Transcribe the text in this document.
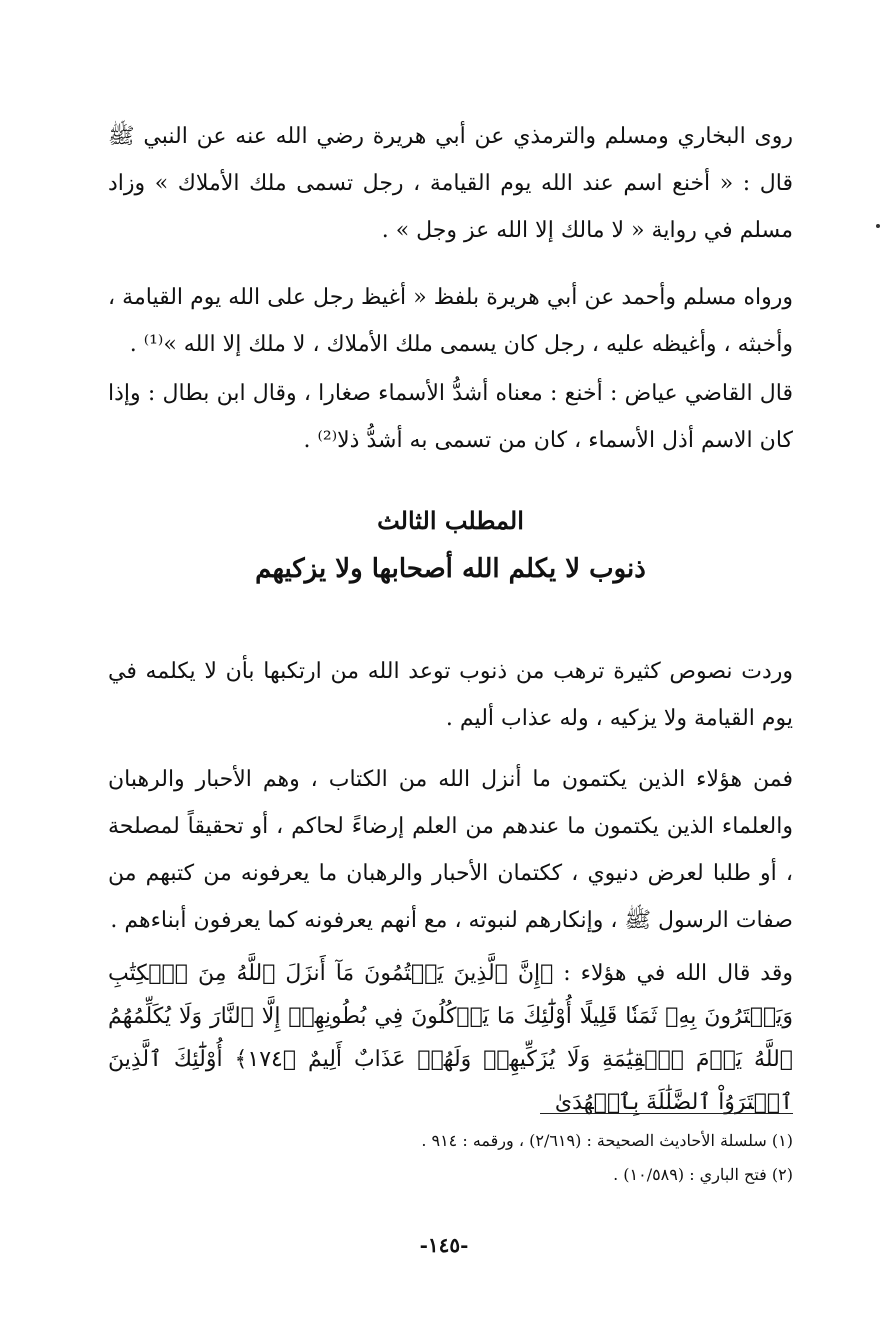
روى البخاري ومسلم والترمذي عن أبي هريرة رضي الله عنه عن النبي ﷺ قال : « أخنع اسم عند الله يوم القيامة ، رجل تسمى ملك الأملاك » وزاد مسلم في رواية « لا مالك إلا الله عز وجل » .

ورواه مسلم وأحمد عن أبي هريرة بلفظ « أغيظ رجل على الله يوم القيامة ، وأخبثه ، وأغيظه عليه ، رجل كان يسمى ملك الأملاك ، لا ملك إلا الله »⁽¹⁾ .

قال القاضي عياض : أخنع : معناه أشدُّ الأسماء صغارا ، وقال ابن بطال : وإذا كان الاسم أذل الأسماء ، كان من تسمى به أشدُّ ذلا⁽²⁾ .

المطلب الثالث
ذنوب لا يكلم الله أصحابها ولا يزكيهم

وردت نصوص كثيرة ترهب من ذنوب توعد الله من ارتكبها بأن لا يكلمه في يوم القيامة ولا يزكيه ، وله عذاب أليم .

فمن هؤلاء الذين يكتمون ما أنزل الله من الكتاب ، وهم الأحبار والرهبان والعلماء الذين يكتمون ما عندهم من العلم إرضاءً لحاكم ، أو تحقيقاً لمصلحة ، أو طلبا لعرض دنيوي ، ككتمان الأحبار والرهبان ما يعرفونه من كتبهم من صفات الرسول ﷺ ، وإنكارهم لنبوته ، مع أنهم يعرفونه كما يعرفون أبناءهم .

وقد قال الله في هؤلاء : ﴿إِنَّ ٱلَّذِينَ يَكۡتُمُونَ مَآ أَنزَلَ ٱللَّهُ مِنَ ٱلۡكِتَٰبِ وَيَشۡتَرُونَ بِهِۦ ثَمَنٗا قَلِيلًا أُوْلَٰٓئِكَ مَا يَأۡكُلُونَ فِي بُطُونِهِمۡ إِلَّا ٱلنَّارَ وَلَا يُكَلِّمُهُمُ ٱللَّهُ يَوۡمَ ٱلۡقِيَٰمَةِ وَلَا يُزَكِّيهِمۡ وَلَهُمۡ عَذَابٌ أَلِيمٌ ﴿١٧٤﴾ أُوْلَٰٓئِكَ ٱلَّذِينَ ٱشۡتَرَوُاْ ٱلضَّلَٰلَةَ بِٱلۡهُدَىٰ

(١) سلسلة الأحاديث الصحيحة : (٢/٦١٩) ، ورقمه : ٩١٤ .
(٢) فتح الباري : (١٠/٥٨٩) .
-١٤٥-
